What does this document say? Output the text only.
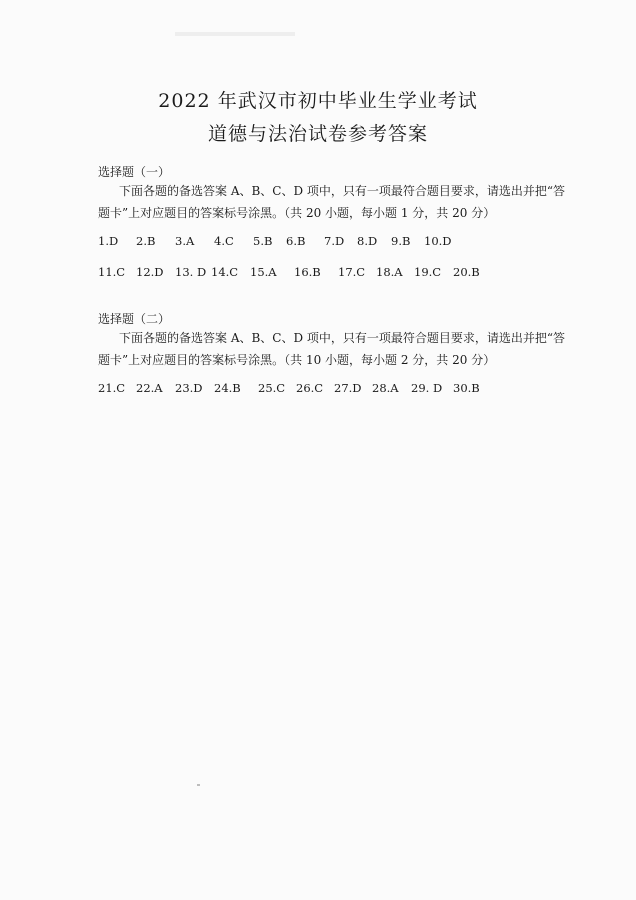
2022 年武汉市初中毕业生学业考试
道德与法治试卷参考答案
选择题（一）
下面各题的备选答案 A、B、C、D 项中，只有一项最符合题目要求，请选出并把“答
题卡”上对应题目的答案标号涂黑。（共 20 小题，每小题 1 分，共 20 分）
1.D 2.B 3.A 4.C 5.B 6.B 7.D 8.D 9.B 10.D
11.C 12.D 13. D 14.C 15.A 16.B 17.C 18.A 19.C 20.B
选择题（二）
下面各题的备选答案 A、B、C、D 项中，只有一项最符合题目要求，请选出并把“答
题卡”上对应题目的答案标号涂黑。（共 10 小题，每小题 2 分，共 20 分）
21.C 22.A 23.D 24.B 25.C 26.C 27.D 28.A 29. D 30.B
